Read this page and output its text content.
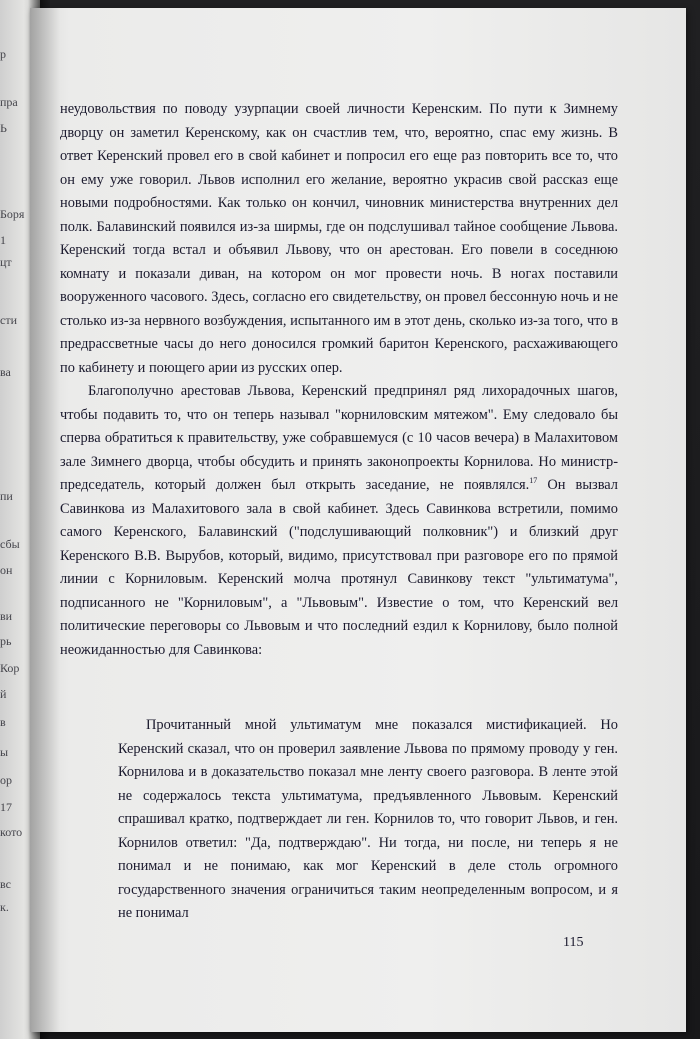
р
пра
Ь
Боря
1
цт
сти
ва
пи
сбы
он
ви
рь
Кор
й
в
ы
ор
17
кото
вс
к.

неудовольствия по поводу узурпации своей личности Керенским. По пути к Зимнему дворцу он заметил Керенскому, как он счастлив тем, что, вероятно, спас ему жизнь. В ответ Керенский провел его в свой кабинет и попросил его еще раз повторить все то, что он ему уже говорил. Львов исполнил его желание, вероятно украсив свой рассказ еще новыми подробностями. Как только он кончил, чиновник министерства внутренних дел полк. Балавинский появился из-за ширмы, где он подслушивал тайное сообщение Львова. Керенский тогда встал и объявил Львову, что он арестован. Его повели в соседнюю комнату и показали диван, на котором он мог провести ночь. В ногах поставили вооруженного часового. Здесь, согласно его свидетельству, он провел бессонную ночь и не столько из-за нервного возбуждения, испытанного им в этот день, сколько из-за того, что в предрассветные часы до него доносился громкий баритон Керенского, расхаживающего по кабинету и поющего арии из русских опер.

Благополучно арестовав Львова, Керенский предпринял ряд лихорадочных шагов, чтобы подавить то, что он теперь называл "корниловским мятежом". Ему следовало бы сперва обратиться к правительству, уже собравшемуся (с 10 часов вечера) в Малахитовом зале Зимнего дворца, чтобы обсудить и принять законопроекты Корнилова. Но министр-председатель, который должен был открыть заседание, не появлялся.$^{17}$ Он вызвал Савинкова из Малахитового зала в свой кабинет. Здесь Савинкова встретили, помимо самого Керенского, Балавинский ("подслушивающий полковник") и близкий друг Керенского В.В. Вырубов, который, видимо, присутствовал при разговоре его по прямой линии с Корниловым. Керенский молча протянул Савинкову текст "ультиматума", подписанного не "Корниловым", а "Львовым". Известие о том, что Керенский вел политические переговоры со Львовым и что последний ездил к Корнилову, было полной неожиданностью для Савинкова:

Прочитанный мной ультиматум мне показался мистификацией. Но Керенский сказал, что он проверил заявление Львова по прямому проводу у ген. Корнилова и в доказательство показал мне ленту своего разговора. В ленте этой не содержалось текста ультиматума, предъявленного Львовым. Керенский спрашивал кратко, подтверждает ли ген. Корнилов то, что говорит Львов, и ген. Корнилов ответил: "Да, подтверждаю". Ни тогда, ни после, ни теперь я не понимал и не понимаю, как мог Керенский в деле столь огромного государственного значения ограничиться таким неопределенным вопросом, и я не понимал

115
